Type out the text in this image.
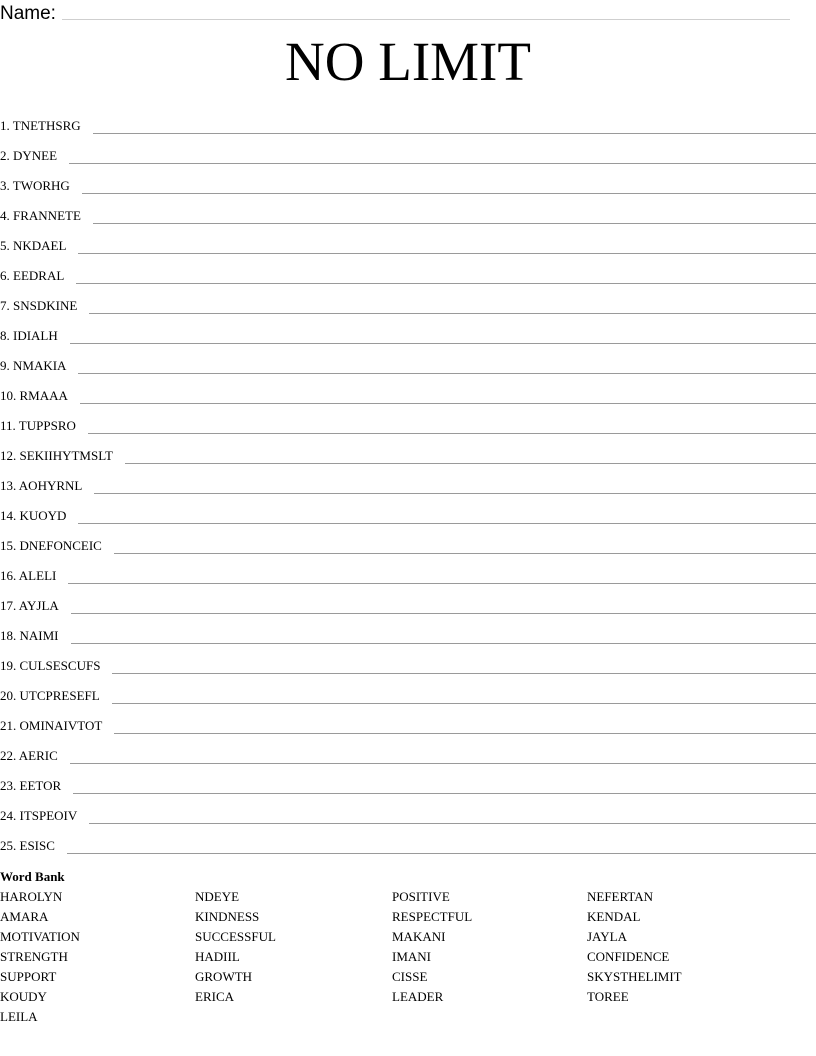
Name:
NO LIMIT
1. TNETHSRG
2. DYNEE
3. TWORHG
4. FRANNETE
5. NKDAEL
6. EEDRAL
7. SNSDKINE
8. IDIALH
9. NMAKIA
10. RMAAA
11. TUPPSRO
12. SEKIIHYTMSLT
13. AOHYRNL
14. KUOYD
15. DNEFONCEIC
16. ALELI
17. AYJLA
18. NAIMI
19. CULSESCUFS
20. UTCPRESEFL
21. OMINAIVTOT
22. AERIC
23. EETOR
24. ITSPEOIV
25. ESISC
Word Bank
HAROLYN	NDEYE	POSITIVE	NEFERTAN
AMARA	KINDNESS	RESPECTFUL	KENDAL
MOTIVATION	SUCCESSFUL	MAKANI	JAYLA
STRENGTH	HADIIL	IMANI	CONFIDENCE
SUPPORT	GROWTH	CISSE	SKYSTHELIMIT
KOUDY	ERICA	LEADER	TOREE
LEILA
